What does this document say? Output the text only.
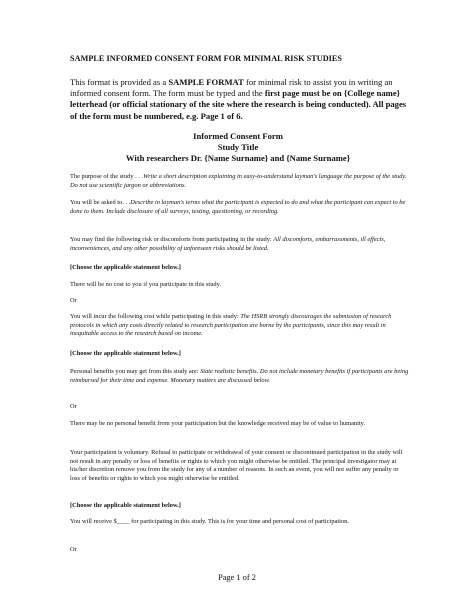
SAMPLE INFORMED CONSENT FORM FOR MINIMAL RISK STUDIES
This format is provided as a SAMPLE FORMAT for minimal risk to assist you in writing an informed consent form. The form must be typed and the first page must be on {College name} letterhead (or official stationary of the site where the research is being conducted). All pages of the form must be numbered, e.g. Page 1 of 6.
Informed Consent Form
Study Title
With researchers Dr. {Name Surname} and {Name Surname}
The purpose of the study . . .Write a short description explaining in easy-to-understand layman's language the purpose of the study. Do not use scientific jargon or abbreviations.
You will be asked to. . .Describe in layman's terms what the participant is expected to do and what the participant can expect to be done to them. Include disclosure of all surveys, testing, questioning, or recording.
You may find the following risk or discomforts from participating in the study: All discomforts, embarrassments, ill effects, inconveniences, and any other possibility of unforeseen risks should be listed.
[Choose the applicable statement below.]
There will be no cost to you if you participate in this study.
Or
You will incur the following cost while participating in this study: The HSRB strongly discourages the submission of research protocols in which any costs directly related to research participation are borne by the participants, since this may result in inequitable access to the research based on income.
[Choose the applicable statement below.]
Personal benefits you may get from this study are: State realistic benefits. Do not include monetary benefits if participants are being reimbursed for their time and expense. Monetary matters are discussed below.
Or
There may be no personal benefit from your participation but the knowledge received may be of value to humanity.
Your participation is voluntary. Refusal to participate or withdrawal of your consent or discontinued participation in the study will not result in any penalty or loss of benefits or rights to which you might otherwise be entitled. The principal investigator may at his/her discretion remove you from the study for any of a number of reasons. In such an event, you will not suffer any penalty or loss of benefits or rights to which you might otherwise be entitled.
[Choose the applicable statement below.]
You will receive $____ for participating in this study. This is for your time and personal cost of participation.
Or
Page 1 of 2
